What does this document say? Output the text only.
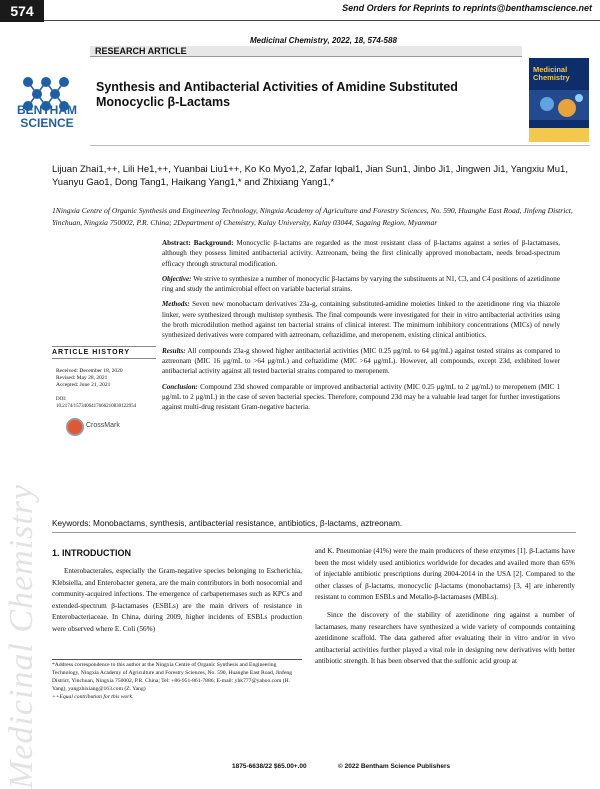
574	Send Orders for Reprints to reprints@benthamscience.net
Medicinal Chemistry, 2022, 18, 574-588
RESEARCH ARTICLE
BENTHAM SCIENCE
Synthesis and Antibacterial Activities of Amidine Substituted Monocyclic β-Lactams
Medicinal Chemistry
Lijuan Zhai1,++, Lili He1,++, Yuanbai Liu1++, Ko Ko Myo1,2, Zafar Iqbal1, Jian Sun1, Jinbo Ji1, Jingwen Ji1, Yangxiu Mu1, Yuanyu Gao1, Dong Tang1, Haikang Yang1,* and Zhixiang Yang1,*
1Ningxia Centre of Organic Synthesis and Engineering Technology, Ningxia Academy of Agriculture and Forestry Sciences, No. 590, Huanghe East Road, Jinfeng District, Yinchuan, Ningxia 750002, P.R. China; 2Department of Chemistry, Kalay University, Kalay 03044, Sagaing Region, Myanmar
Medicinal Chemistry
ARTICLE HISTORY
Received: December 18, 2020
Revised: May 28, 2021
Accepted: June 21, 2021
DOI:
10.2174/1573406417666210830122954
CrossMark

Abstract: Background: Monocyclic β-lactams are regarded as the most resistant class of β-lactams against a series of β-lactamases, although they possess limited antibacterial activity. Aztreonam, being the first clinically approved monobactam, needs broad-spectrum efficacy through structural modification.

Objective: We strive to synthesize a number of monocyclic β-lactams by varying the substituents at N1, C3, and C4 positions of azetidinone ring and study the antimicrobial effect on variable bacterial strains.

Methods: Seven new monobactam derivatives 23a-g, containing substituted-amidine moieties linked to the azetidinone ring via thiazole linker, were synthesized through multistep synthesis. The final compounds were investigated for their in vitro antibacterial activities using the broth microdilution method against ten bacterial strains of clinical interest. The minimum inhibitory concentrations (MICs) of newly synthesized derivatives were compared with aztreonam, ceftazidime, and meropenem, existing clinical antibiotics.

Results: All compounds 23a-g showed higher antibacterial activities (MIC 0.25 μg/mL to 64 μg/mL) against tested strains as compared to aztreonam (MIC 16 μg/mL to >64 μg/mL) and ceftazidime (MIC >64 μg/mL). However, all compounds, except 23d, exhibited lower antibacterial activity against all tested bacterial strains compared to meropenem.

Conclusion: Compound 23d showed comparable or improved antibacterial activity (MIC 0.25 μg/mL to 2 μg/mL) to meropenem (MIC 1 μg/mL to 2 μg/mL) in the case of seven bacterial species. Therefore, compound 23d may be a valuable lead target for further investigations against multi-drug resistant Gram-negative bacteria.

Keywords: Monobactams, synthesis, antibacterial resistance, antibiotics, β-lactams, aztreonam.
1. INTRODUCTION

Enterobacterales, especially the Gram-negative species belonging to Escherichia, Klebsiella, and Enterobacter genera, are the main contributors in both nosocomial and community-acquired infections. The emergence of carbapenemases such as KPCs and extended-spectrum β-lactamases (ESBLs) are the main drivers of resistance in Enterobacteriaceae. In China, during 2009, higher incidents of ESBLs production were observed where E. Coli (56%)

and K. Pneumoniae (41%) were the main producers of these enzymes [1]. β-Lactams have been the most widely used antibiotics worldwide for decades and availed more than 65% of injectable antibiotic prescriptions during 2004-2014 in the USA [2]. Compared to the other classes of β-lactams, monocyclic β-lactams (monobactams) [3, 4] are inherently resistant to common ESBLs and Metallo-β-lactamases (MBLs).

Since the discovery of the stability of azetidinone ring against a number of lactamases, many researchers have synthesized a wide variety of compounds containing azetidinone scaffold. The data gathered after evaluating their in vitro and/or in vivo antibacterial activities further played a vital role in designing new derivatives with better antibiotic strength. It has been observed that the sulfonic acid group at

*Address correspondence to this author at the Ningxia Centre of Organic Synthesis and Engineering Technology, Ningxia Academy of Agriculture and Forestry Sciences, No. 590, Huanghe East Road, Jinfeng District, Yinchuan, Ningxia 750002, P.R. China; Tel: +86-951-861-7886; E-mail: yhk777@yahoo.com (H. Yang), yangzhixiang@163.com (Z. Yang)
++Equal contribution for this work.
1875-6638/22 $65.00+.00	© 2022 Bentham Science Publishers
